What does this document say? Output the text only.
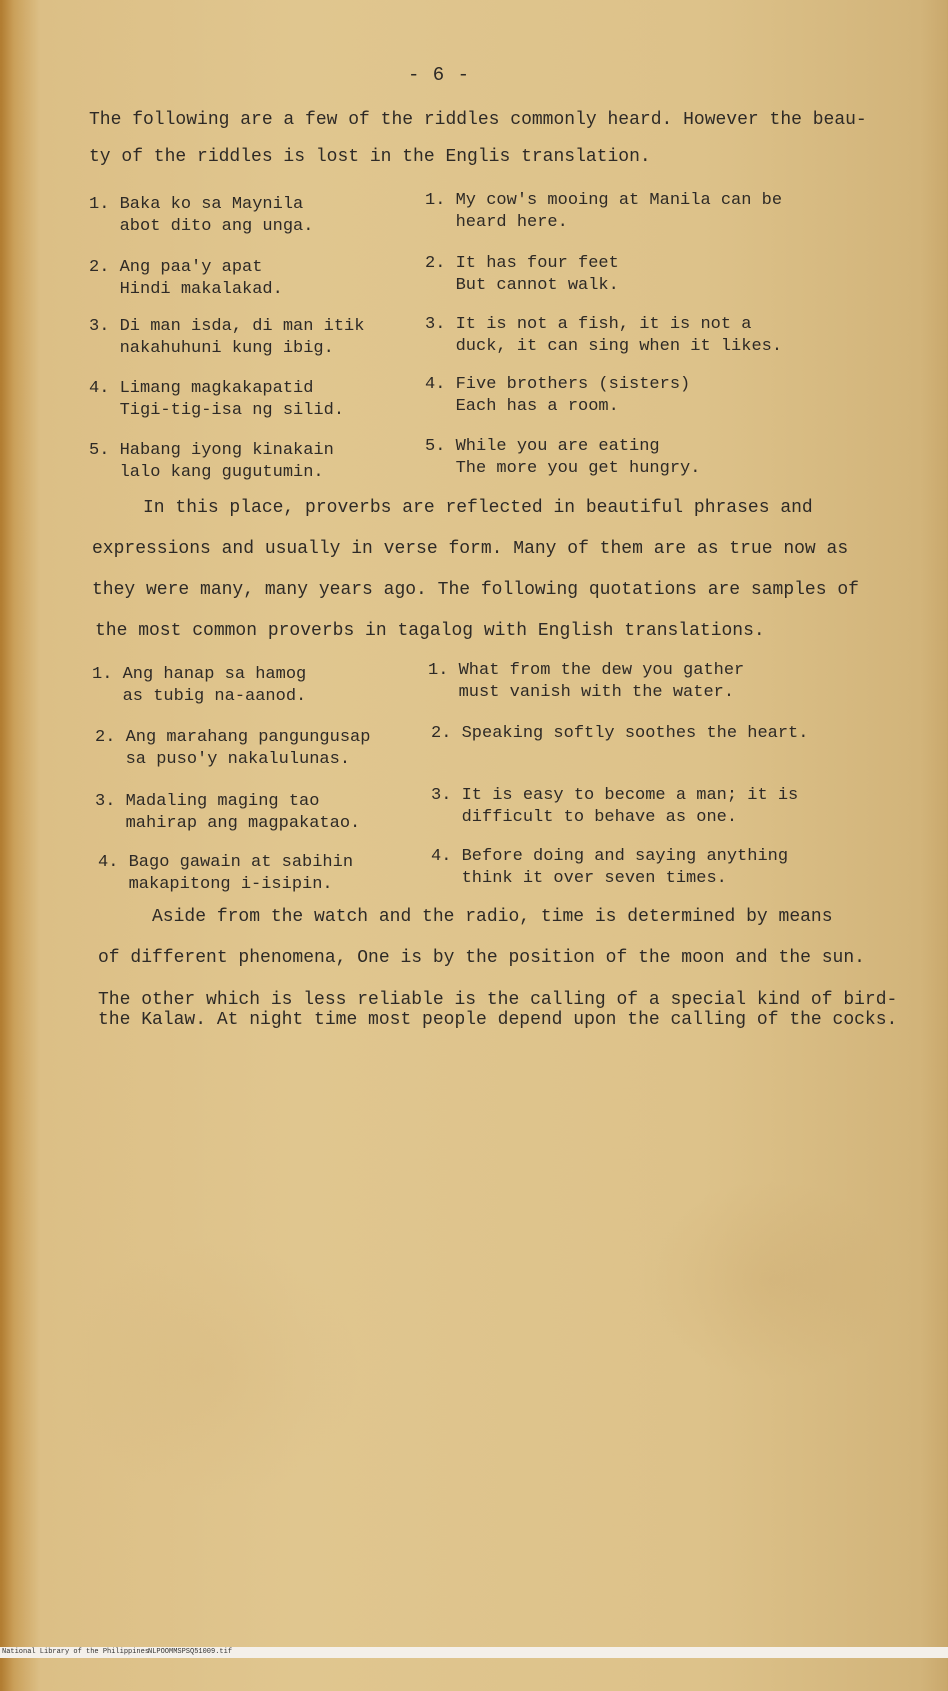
- 6 -
The following are a few of the riddles commonly heard. However the beau-
ty of the riddles is lost in the Englis translation.
1. Baka ko sa Maynila
abot dito ang unga.
1. My cow's mooing at Manila can be
heard here.
2. Ang paa'y apat
Hindi makalakad.
2. It has four feet
But cannot walk.
3. Di man isda, di man itik
nakahuhuni kung ibig.
3. It is not a fish, it is not a
duck, it can sing when it likes.
4. Limang magkakapatid
Tigi-tig-isa ng silid.
4. Five brothers (sisters)
Each has a room.
5. Habang iyong kinakain
lalo kang gugutumin.
5. While you are eating
The more you get hungry.
In this place, proverbs are reflected in beautiful phrases and
expressions and usually in verse form. Many of them are as true now as
they were many, many years ago. The following quotations are samples of
the most common proverbs in tagalog with English translations.
1. Ang hanap sa hamog
as tubig na-aanod.
1. What from the dew you gather
must vanish with the water.
2. Ang marahang pangungusap
sa puso'y nakalulunas.
2. Speaking softly soothes the heart.
3. Madaling maging tao
mahirap ang magpakatao.
3. It is easy to become a man; it is
difficult to behave as one.
4. Bago gawain at sabihin
makapitong i-isipin.
4. Before doing and saying anything
think it over seven times.
Aside from the watch and the radio, time is determined by means
of different phenomena, One is by the position of the moon and the sun.
The other which is less reliable is the calling of a special kind of bird-
the Kalaw. At night time most people depend upon the calling of the cocks.

National Library of the Philippines

NLPOOMMSPSQ51009.tif
